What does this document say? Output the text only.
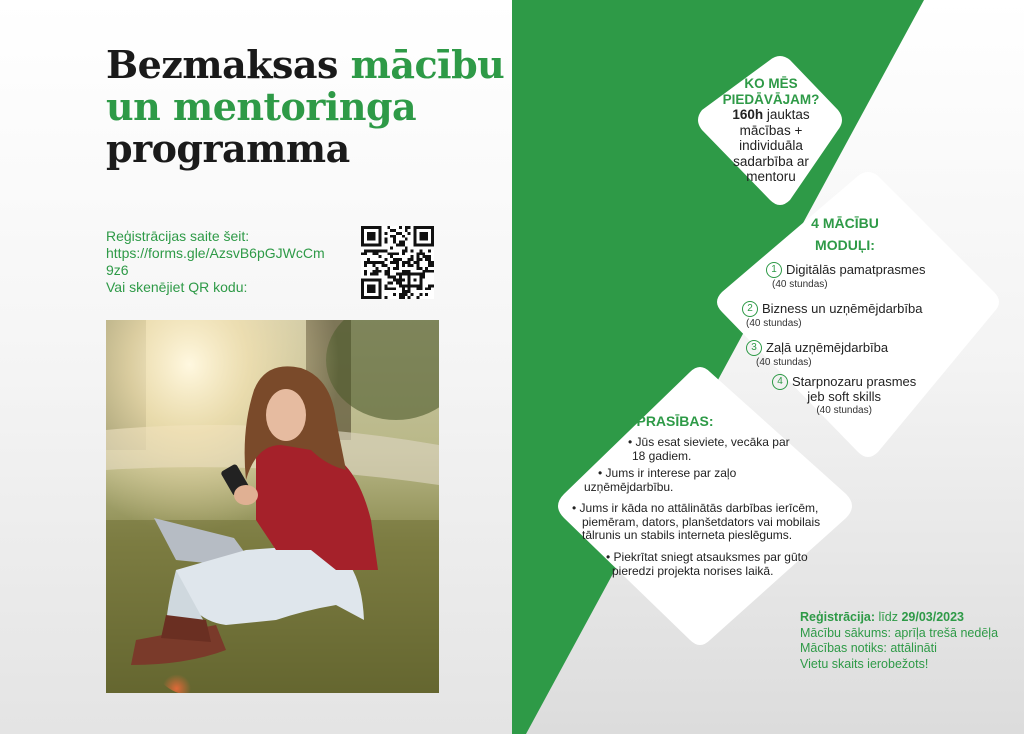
Bezmaksas mācību
un mentoringa
programma
Reģistrācijas saite šeit:
https://forms.gle/AzsvB6pGJWcCm
9z6
Vai skenējiet QR kodu:
KO MĒS
PIEDĀVĀJAM?
160h jauktas
mācības +
individuāla
sadarbība ar
mentoru
4 MĀCĪBU
MODUĻI:
1 Digitālās pamatprasmes
(40 stundas)
2 Bizness un uzņēmējdarbība
(40 stundas)
3 Zaļā uzņēmējdarbība
(40 stundas)
4 Starpnozaru prasmes
jeb soft skills
(40 stundas)
PRASĪBAS:
• Jūs esat sieviete, vecāka par
18 gadiem.
• Jums ir interese par zaļo
uzņēmējdarbību.
• Jums ir kāda no attālinātās darbības ierīcēm,
piemēram, dators, planšetdators vai mobilais
tālrunis un stabils interneta pieslēgums.
• Piekrītat sniegt atsauksmes par gūto
pieredzi projekta norises laikā.
Reģistrācija: līdz 29/03/2023
Mācību sākums: aprīļa trešā nedēļa
Mācības notiks: attālināti
Vietu skaits ierobežots!
